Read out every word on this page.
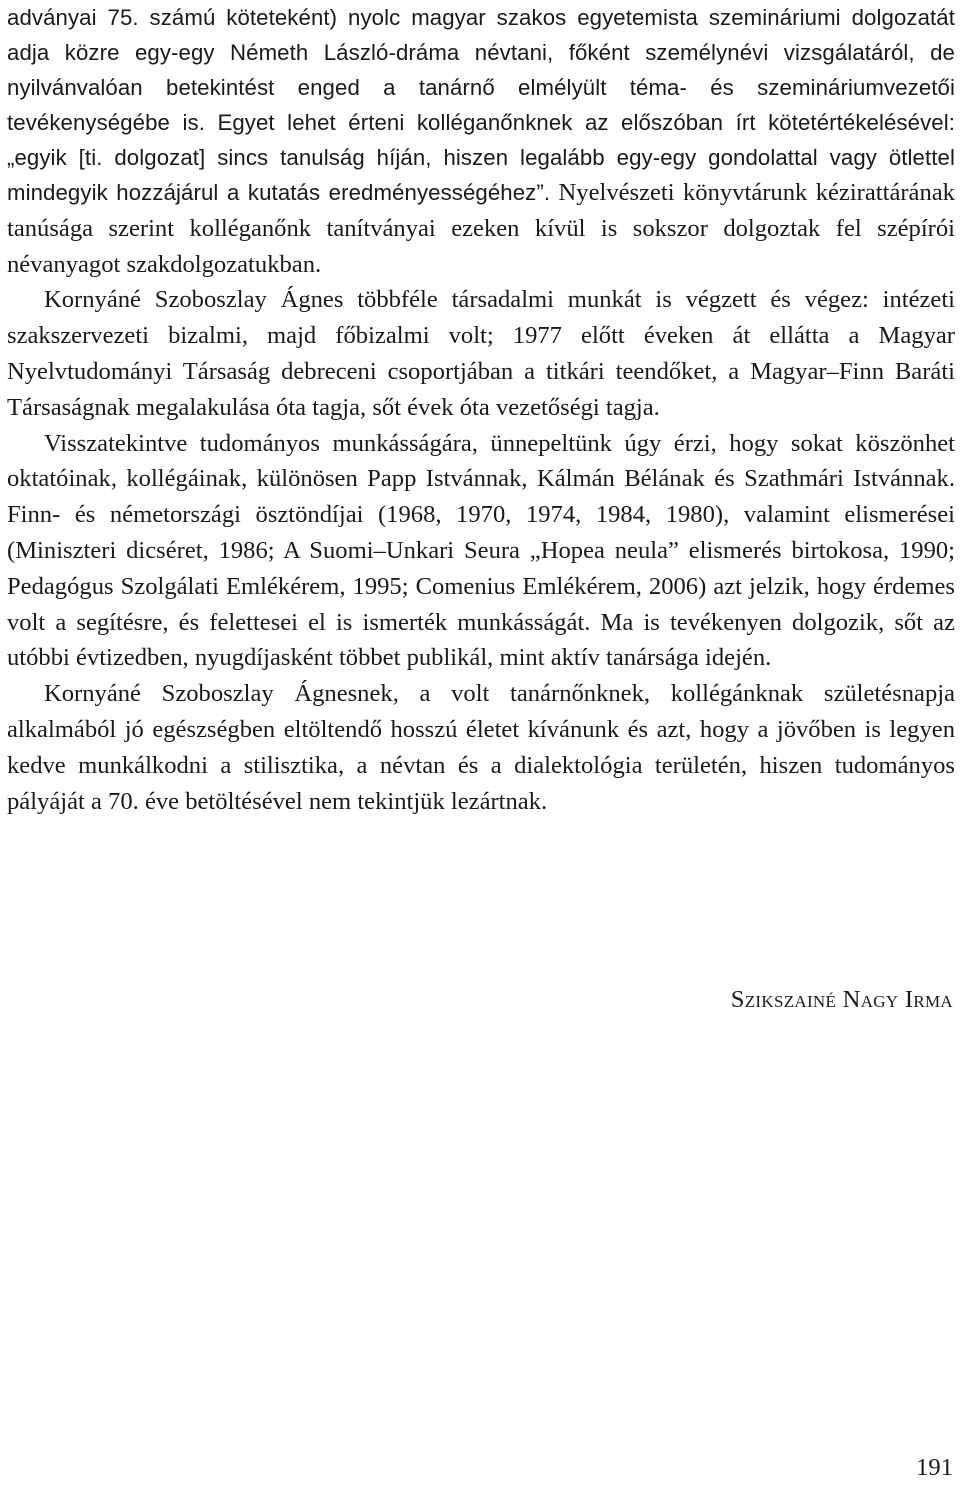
adványai 75. számú köteteként) nyolc magyar szakos egyetemista szemináriumi dolgozatát adja közre egy-egy Németh László-dráma névtani, főként személynévi vizsgálatáról, de nyilvánvalóan betekintést enged a tanárnő elmélyült téma- és szemináriumvezetői tevékenységébe is. Egyet lehet érteni kolléganőnknek az előszóban írt kötetértékelésével: „egyik [ti. dolgozat] sincs tanulság híján, hiszen legalább egy-egy gondolattal vagy ötlettel mindegyik hozzájárul a kutatás eredményességéhez”. Nyelvészeti könyvtárunk kézirattárának tanúsága szerint kolléganőnk tanítványai ezeken kívül is sokszor dolgoztak fel szépírói névanyagot szakdolgozatukban.

Kornyáné Szoboszlay Ágnes többféle társadalmi munkát is végzett és végez: intézeti szakszervezeti bizalmi, majd főbizalmi volt; 1977 előtt éveken át ellátta a Magyar Nyelvtudományi Társaság debreceni csoportjában a titkári teendőket, a Magyar–Finn Baráti Társaságnak megalakulása óta tagja, sőt évek óta vezetőségi tagja.

Visszatekintve tudományos munkásságára, ünnepeltünk úgy érzi, hogy sokat köszönhet oktatóinak, kollégáinak, különösen Papp Istvánnak, Kálmán Bélának és Szathmári Istvánnak. Finn- és németországi ösztöndíjai (1968, 1970, 1974, 1984, 1980), valamint elismerései (Miniszteri dicséret, 1986; A Suomi–Unkari Seura „Hopea neula” elismerés birtokosa, 1990; Pedagógus Szolgálati Emlékérem, 1995; Comenius Emlékérem, 2006) azt jelzik, hogy érdemes volt a segítésre, és felettesei el is ismerték munkásságát. Ma is tevékenyen dolgozik, sőt az utóbbi évtizedben, nyugdíjasként többet publikál, mint aktív tanársága idején.

Kornyáné Szoboszlay Ágnesnek, a volt tanárnőnknek, kollégánknak születésnapja alkalmából jó egészségben eltöltendő hosszú életet kívánunk és azt, hogy a jövőben is legyen kedve munkálkodni a stilisztika, a névtan és a dialektológia területén, hiszen tudományos pályáját a 70. éve betöltésével nem tekintjük lezártnak.

Szikszainé Nagy Irma
191
